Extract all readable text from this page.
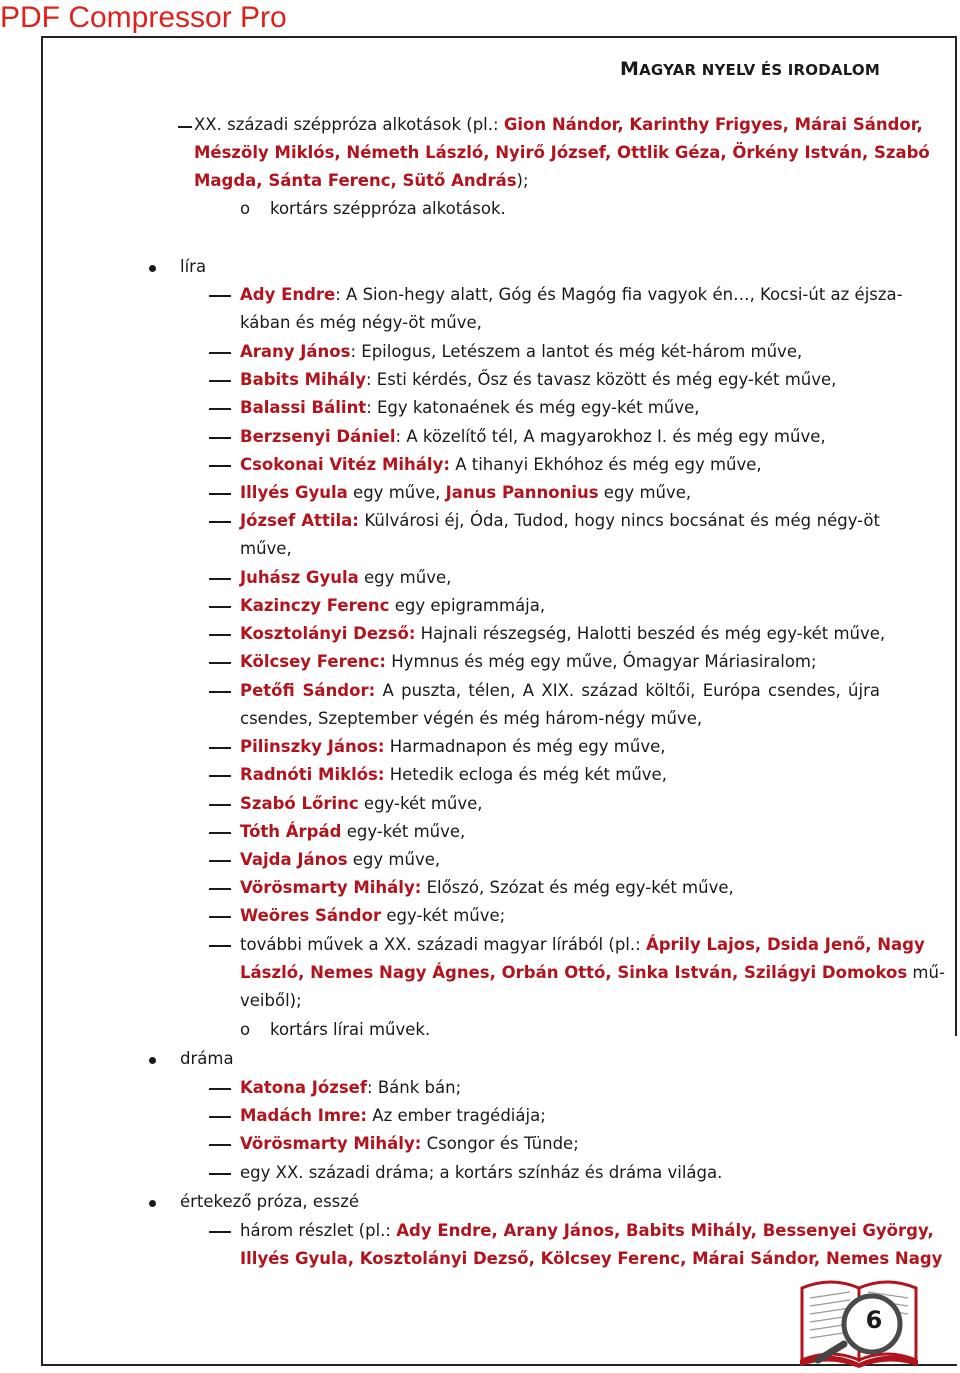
PDF Compressor Pro
MAGYAR NYELV ÉS IRODALOM
XX. századi széppróza alkotások (pl.: Gion Nándor, Karinthy Frigyes, Márai Sándor,
Mészöly Miklós, Németh László, Nyirő József, Ottlik Géza, Örkény István, Szabó
Magda, Sánta Ferenc, Sütő András);
o kortárs széppróza alkotások.
líra
Ady Endre: A Sion-hegy alatt, Góg és Magóg fia vagyok én…, Kocsi-út az éjsza-
kában és még négy-öt műve,
Arany János: Epilogus, Letészem a lantot és még két-három műve,
Babits Mihály: Esti kérdés, Ősz és tavasz között és még egy-két műve,
Balassi Bálint: Egy katonaének és még egy-két műve,
Berzsenyi Dániel: A közelítő tél, A magyarokhoz I. és még egy műve,
Csokonai Vitéz Mihály: A tihanyi Ekhóhoz és még egy műve,
Illyés Gyula egy műve, Janus Pannonius egy műve,
József Attila: Külvárosi éj, Óda, Tudod, hogy nincs bocsánat és még négy-öt
műve,
Juhász Gyula egy műve,
Kazinczy Ferenc egy epigrammája,
Kosztolányi Dezső: Hajnali részegség, Halotti beszéd és még egy-két műve,
Kölcsey Ferenc: Hymnus és még egy műve, Ómagyar Máriasiralom;
Petőfi Sándor: A puszta, télen, A XIX. század költői, Európa csendes, újra
csendes, Szeptember végén és még három-négy műve,
Pilinszky János: Harmadnapon és még egy műve,
Radnóti Miklós: Hetedik ecloga és még két műve,
Szabó Lőrinc egy-két műve,
Tóth Árpád egy-két műve,
Vajda János egy műve,
Vörösmarty Mihály: Előszó, Szózat és még egy-két műve,
Weöres Sándor egy-két műve;
további művek a XX. századi magyar lírából (pl.: Áprily Lajos, Dsida Jenő, Nagy
László, Nemes Nagy Ágnes, Orbán Ottó, Sinka István, Szilágyi Domokos mű-
veiből);
o kortárs lírai művek.
dráma
Katona József: Bánk bán;
Madách Imre: Az ember tragédiája;
Vörösmarty Mihály: Csongor és Tünde;
egy XX. századi dráma; a kortárs színház és dráma világa.
értekező próza, esszé
három részlet (pl.: Ady Endre, Arany János, Babits Mihály, Bessenyei György,
Illyés Gyula, Kosztolányi Dezső, Kölcsey Ferenc, Márai Sándor, Nemes Nagy
6
